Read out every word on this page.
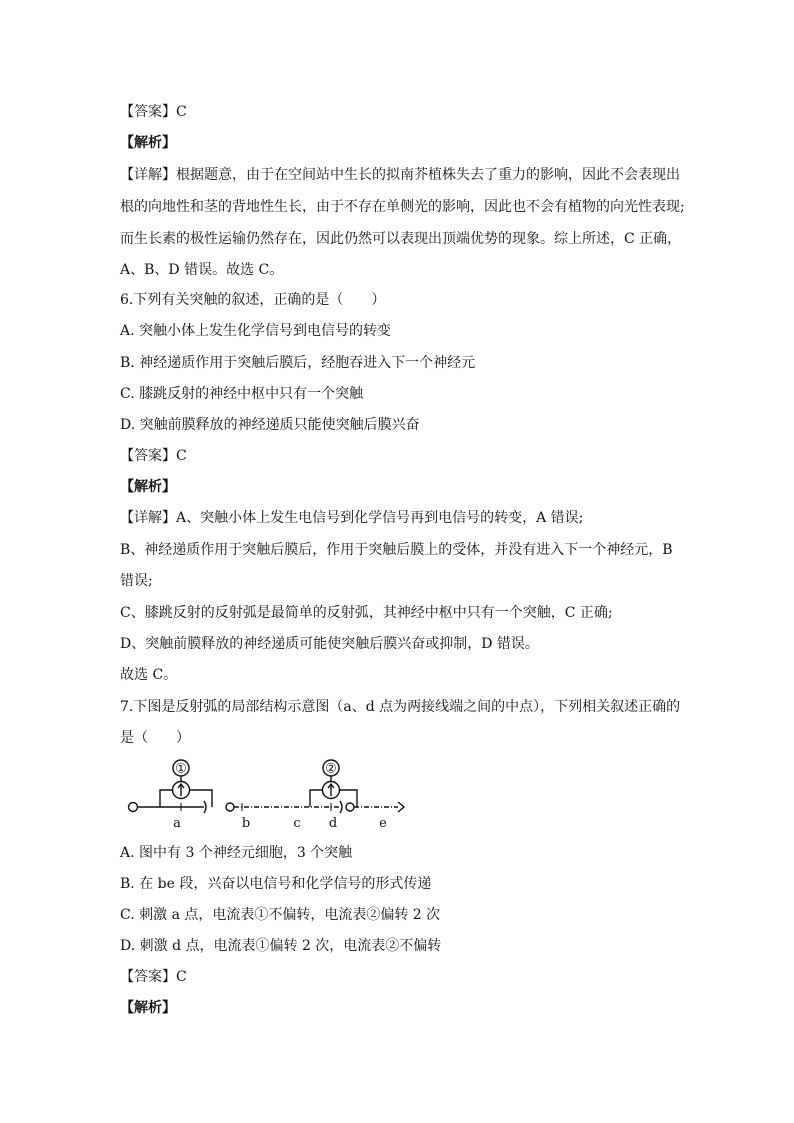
【答案】C
【解析】
【详解】根据题意，由于在空间站中生长的拟南芥植株失去了重力的影响，因此不会表现出
根的向地性和茎的背地性生长，由于不存在单侧光的影响，因此也不会有植物的向光性表现;
而生长素的极性运输仍然存在，因此仍然可以表现出顶端优势的现象。综上所述，C 正确，
A、B、D 错误。故选 C。
6.下列有关突触的叙述，正确的是（　　）
A. 突触小体上发生化学信号到电信号的转变
B. 神经递质作用于突触后膜后，经胞吞进入下一个神经元
C. 膝跳反射的神经中枢中只有一个突触
D. 突触前膜释放的神经递质只能使突触后膜兴奋
【答案】C
【解析】
【详解】A、突触小体上发生电信号到化学信号再到电信号的转变，A 错误;
B、神经递质作用于突触后膜后，作用于突触后膜上的受体，并没有进入下一个神经元，B
错误;
C、膝跳反射的反射弧是最简单的反射弧，其神经中枢中只有一个突触，C 正确;
D、突触前膜释放的神经递质可能使突触后膜兴奋或抑制，D 错误。
故选 C。
7.下图是反射弧的局部结构示意图（a、d 点为两接线端之间的中点），下列相关叙述正确的
是（　　）
①	②
a	b	c d	e
A. 图中有 3 个神经元细胞，3 个突触
B. 在 be 段，兴奋以电信号和化学信号的形式传递
C. 刺激 a 点，电流表①不偏转，电流表②偏转 2 次
D. 刺激 d 点，电流表①偏转 2 次，电流表②不偏转
【答案】C
【解析】
